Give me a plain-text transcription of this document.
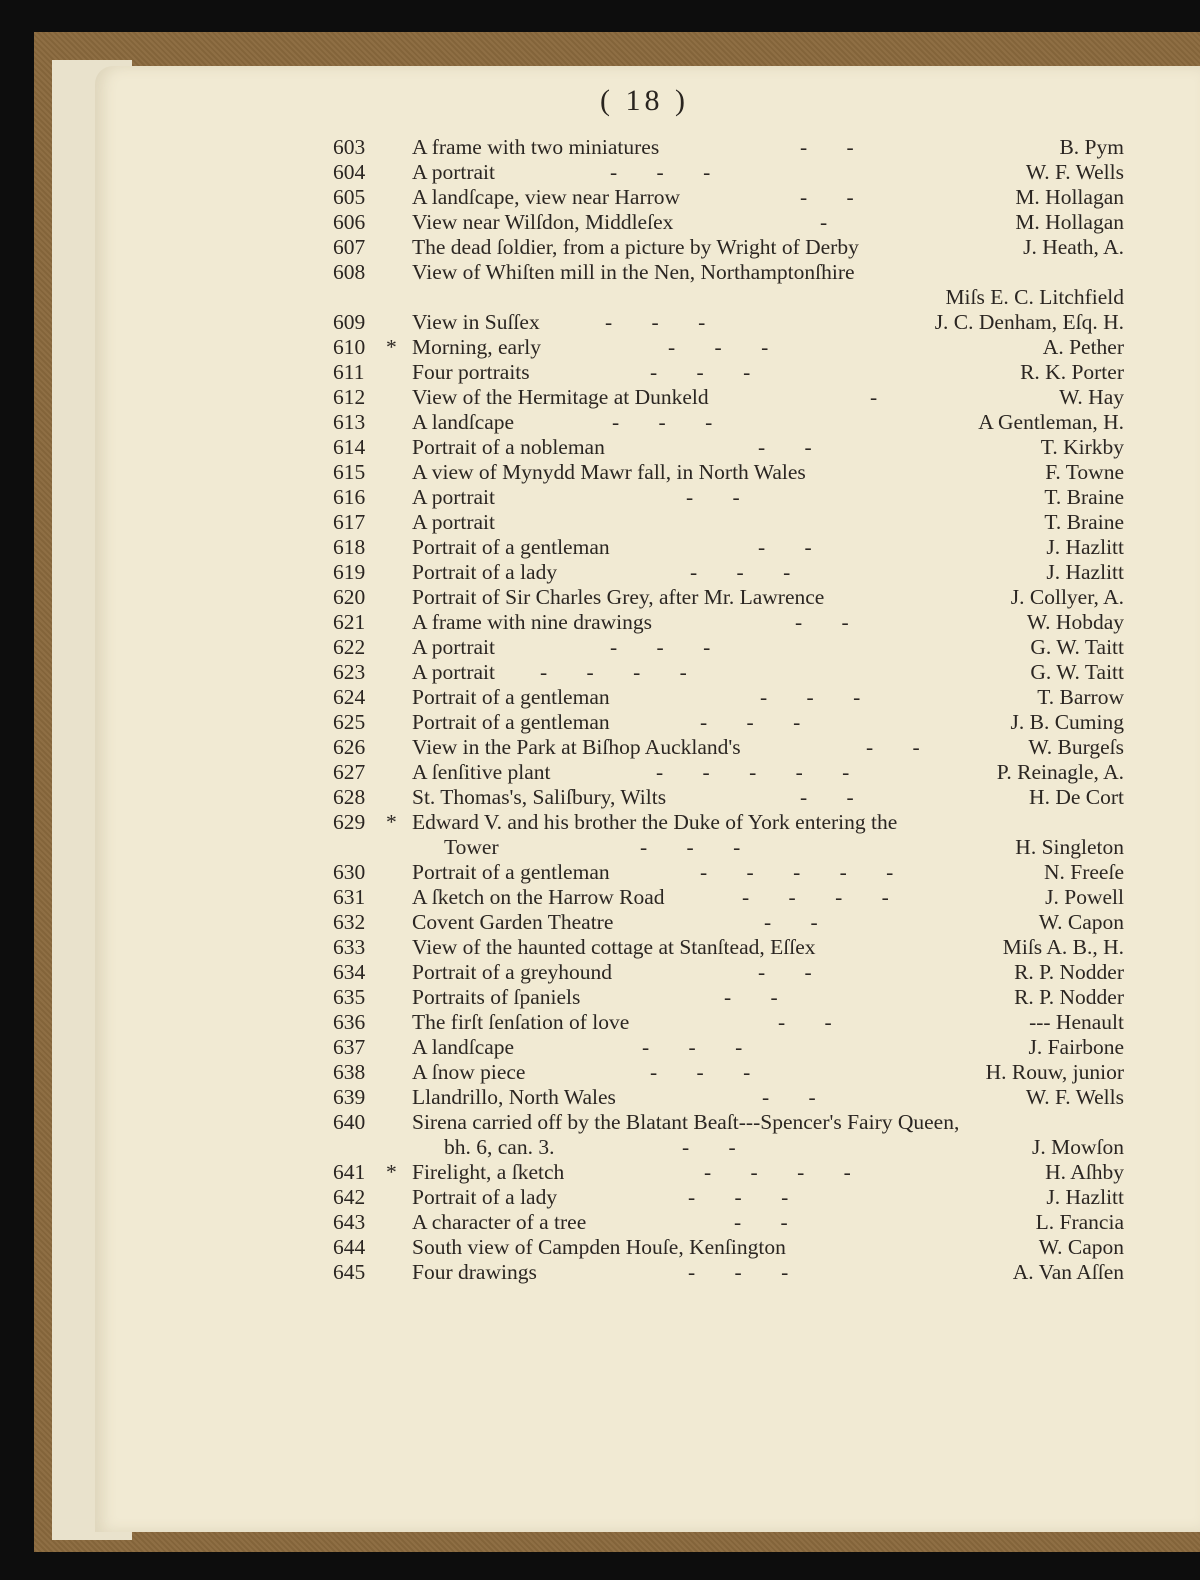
( 18 )
603 A frame with two miniatures	- -	B. Pym
604 A portrait	- - -	W. F. Wells
605 A landſcape, view near Harrow	- -	M. Hollagan
606 View near Wilſdon, Middleſex	-	M. Hollagan
607 The dead ſoldier, from a picture by Wright of Derby	J. Heath, A.
608 View of Whiſten mill in the Nen, Northamptonſhire
Miſs E. C. Litchfield
609 View in Suſſex	- - -	J. C. Denham, Eſq. H.
610 * Morning, early	- - -	A. Pether
611 Four portraits	- - -	R. K. Porter
612 View of the Hermitage at Dunkeld	-	W. Hay
613 A landſcape	- - -	A Gentleman, H.
614 Portrait of a nobleman	- -	T. Kirkby
615 A view of Mynydd Mawr fall, in North Wales	F. Towne
616 A portrait	- -	T. Braine
617 A portrait	T. Braine
618 Portrait of a gentleman	- -	J. Hazlitt
619 Portrait of a lady	- - -	J. Hazlitt
620 Portrait of Sir Charles Grey, after Mr. Lawrence	J. Collyer, A.
621 A frame with nine drawings	- -	W. Hobday
622 A portrait	- - -	G. W. Taitt
623 A portrait - - - -	G. W. Taitt
624 Portrait of a gentleman	- - -	T. Barrow
625 Portrait of a gentleman	- - -	J. B. Cuming
626 View in the Park at Biſhop Auckland's	- -	W. Burgeſs
627 A ſenſitive plant	- - - - -	P. Reinagle, A.
628 St. Thomas's, Saliſbury, Wilts	- -	H. De Cort
629 * Edward V. and his brother the Duke of York entering the
Tower	- - -	H. Singleton
630 Portrait of a gentleman	- - - - -	N. Freeſe
631 A ſketch on the Harrow Road	- - - -	J. Powell
632 Covent Garden Theatre	- -	W. Capon
633 View of the haunted cottage at Stanſtead, Eſſex	Miſs A. B., H.
634 Portrait of a greyhound	- -	R. P. Nodder
635 Portraits of ſpaniels	- -	R. P. Nodder
636 The firſt ſenſation of love	- -	--- Henault
637 A landſcape	- - -	J. Fairbone
638 A ſnow piece	- - -	H. Rouw, junior
639 Llandrillo, North Wales	- -	W. F. Wells
640 Sirena carried off by the Blatant Beaſt---Spencer's Fairy Queen,
bh. 6, can. 3.	- -	J. Mowſon
641 * Firelight, a ſketch	- - - -	H. Aſhby
642 Portrait of a lady	- - -	J. Hazlitt
643 A character of a tree	- -	L. Francia
644 South view of Campden Houſe, Kenſington	W. Capon
645 Four drawings	- - -	A. Van Aſſen
